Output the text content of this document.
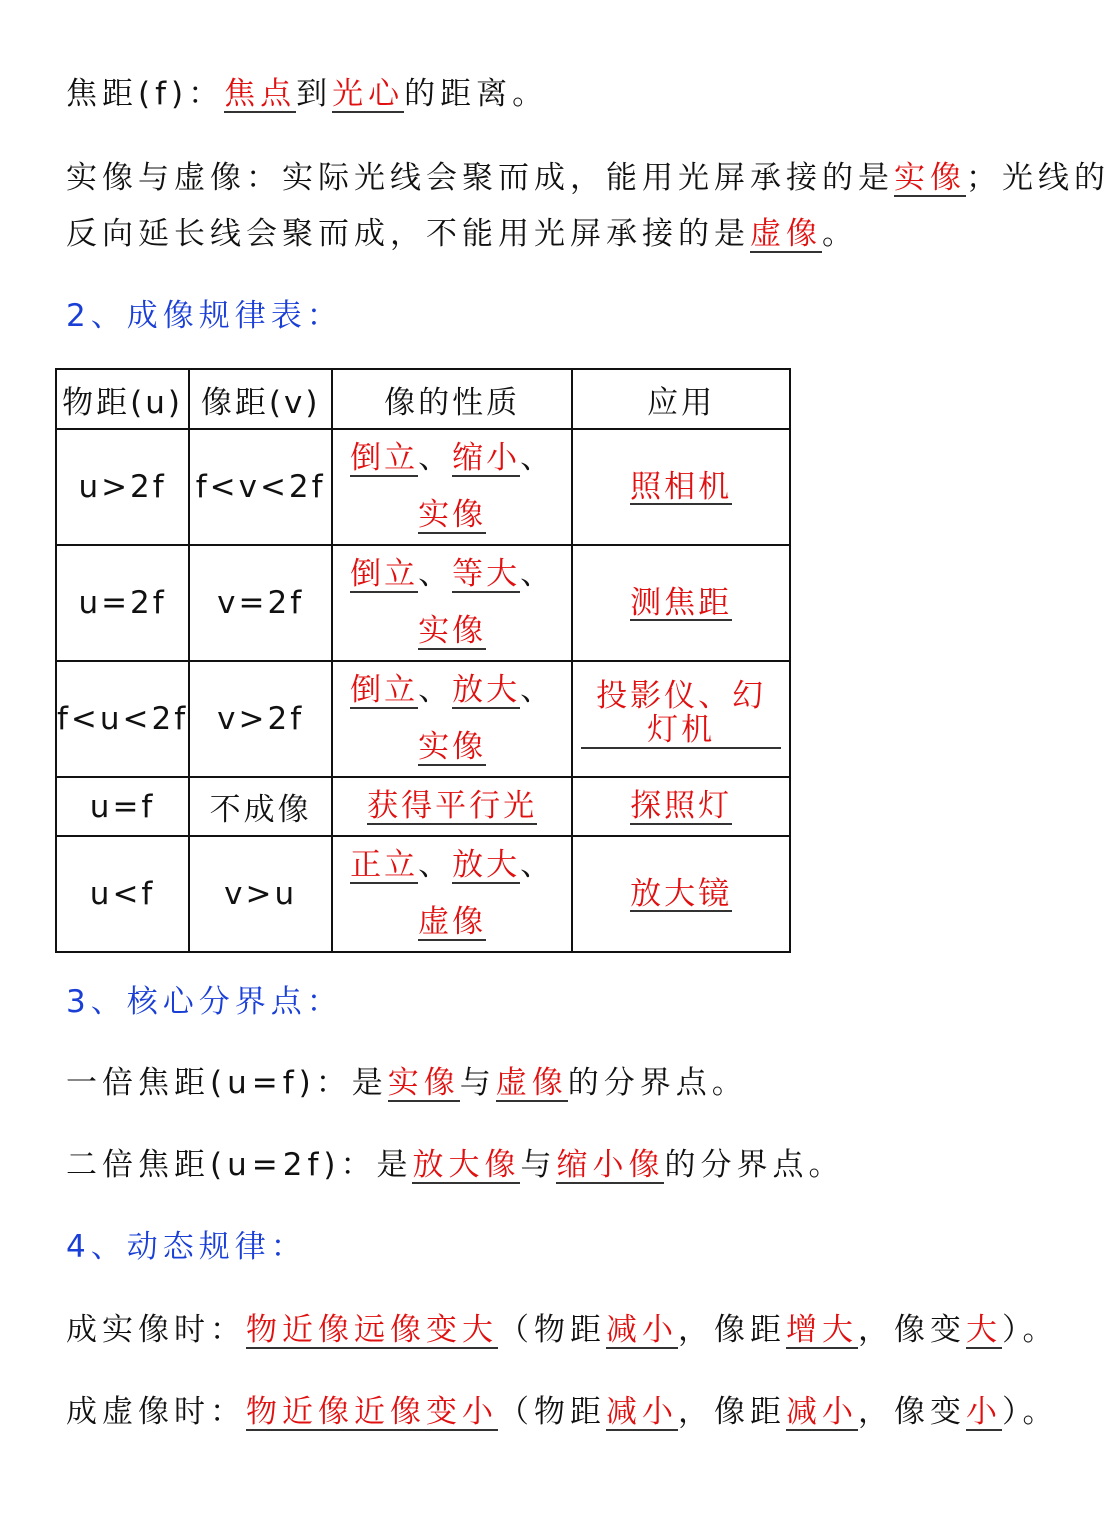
焦距(f)：焦点到光心的距离。
实像与虚像：实际光线会聚而成，能用光屏承接的是实像；光线的
反向延长线会聚而成，不能用光屏承接的是虚像。
2、成像规律表：
物距(u)	像距(v)	像的性质	应用
u>2f	f<v<2f	倒立、缩小、实像	照相机
u=2f	v=2f	倒立、等大、实像	测焦距
f<u<2f	v>2f	倒立、放大、实像	投影仪、幻灯机

u=f	不成像	获得平行光	探照灯
u<f	v>u	正立、放大、虚像	放大镜
3、核心分界点：
一倍焦距(u=f)：是实像与虚像的分界点。
二倍焦距(u=2f)：是放大像与缩小像的分界点。
4、动态规律：
成实像时：物近像远像变大（物距减小，像距增大，像变大）。
成虚像时：物近像近像变小（物距减小，像距减小，像变小）。
